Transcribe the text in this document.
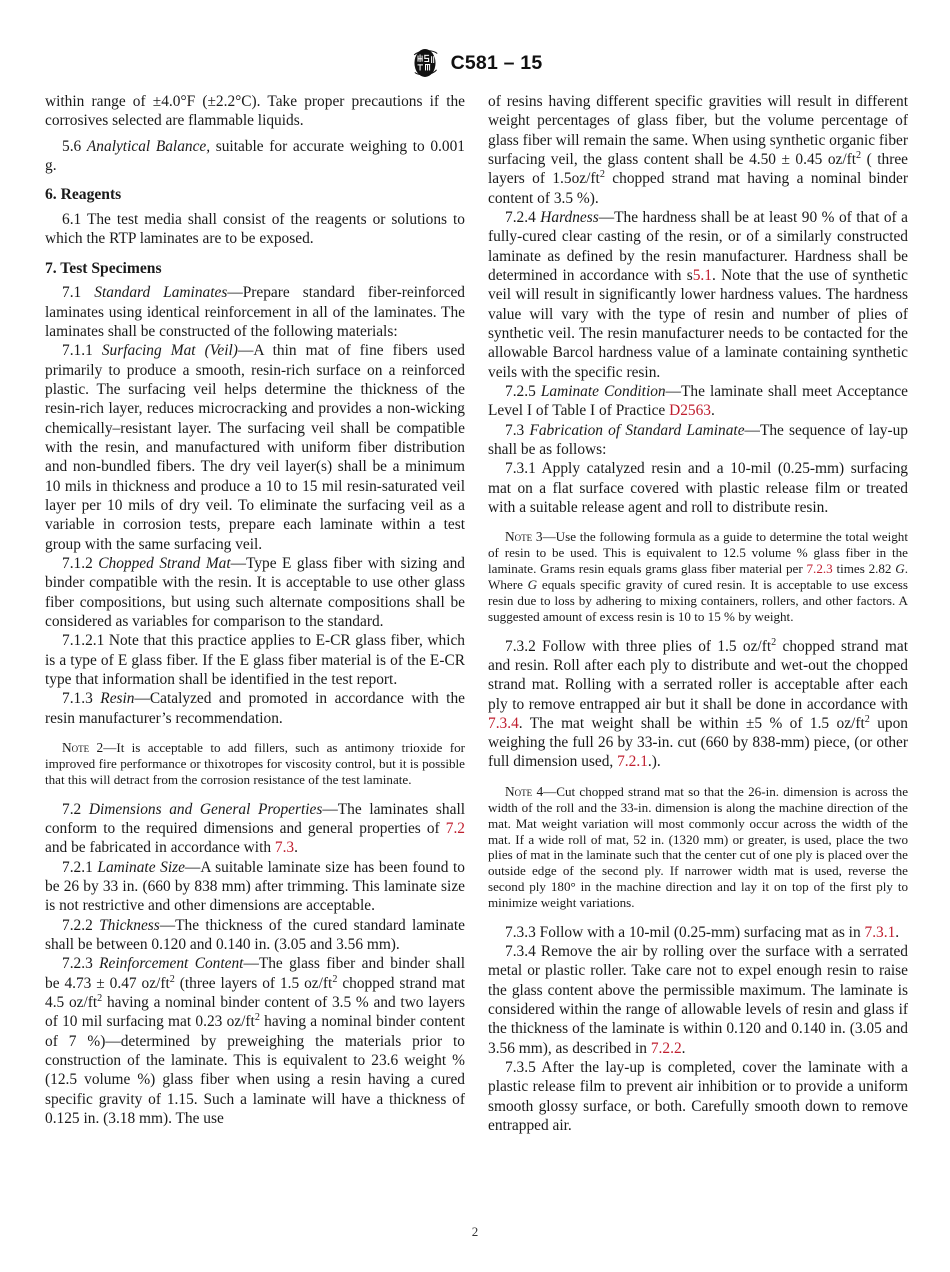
C581 – 15

within range of ±4.0°F (±2.2°C). Take proper precautions if the corrosives selected are flammable liquids.

5.6 Analytical Balance, suitable for accurate weighing to 0.001 g.

6. Reagents

6.1 The test media shall consist of the reagents or solutions to which the RTP laminates are to be exposed.

7. Test Specimens

7.1 Standard Laminates—Prepare standard fiber-reinforced laminates using identical reinforcement in all of the laminates. The laminates shall be constructed of the following materials:

7.1.1 Surfacing Mat (Veil)—A thin mat of fine fibers used primarily to produce a smooth, resin-rich surface on a reinforced plastic. The surfacing veil helps determine the thickness of the resin-rich layer, reduces microcracking and provides a non-wicking chemically–resistant layer. The surfacing veil shall be compatible with the resin, and manufactured with uniform fiber distribution and non-bundled fibers. The dry veil layer(s) shall be a minimum 10 mils in thickness and produce a 10 to 15 mil resin-saturated veil layer per 10 mils of dry veil. To eliminate the surfacing veil as a variable in corrosion tests, prepare each laminate within a test group with the same surfacing veil.

7.1.2 Chopped Strand Mat—Type E glass fiber with sizing and binder compatible with the resin. It is acceptable to use other glass fiber compositions, but using such alternate compositions shall be considered as variables for comparison to the standard.

7.1.2.1 Note that this practice applies to E-CR glass fiber, which is a type of E glass fiber. If the E glass fiber material is of the E-CR type that information shall be identified in the test report.

7.1.3 Resin—Catalyzed and promoted in accordance with the resin manufacturer’s recommendation.

Note 2—It is acceptable to add fillers, such as antimony trioxide for improved fire performance or thixotropes for viscosity control, but it is possible that this will detract from the corrosion resistance of the test laminate.

7.2 Dimensions and General Properties—The laminates shall conform to the required dimensions and general properties of 7.2 and be fabricated in accordance with 7.3.

7.2.1 Laminate Size—A suitable laminate size has been found to be 26 by 33 in. (660 by 838 mm) after trimming. This laminate size is not restrictive and other dimensions are acceptable.

7.2.2 Thickness—The thickness of the cured standard laminate shall be between 0.120 and 0.140 in. (3.05 and 3.56 mm).

7.2.3 Reinforcement Content—The glass fiber and binder shall be 4.73 ± 0.47 $oz/ft^2$ (three layers of 1.5 $oz/ft^2$ chopped strand mat 4.5 $oz/ft^2$ having a nominal binder content of 3.5 % and two layers of 10 mil surfacing mat 0.23 $oz/ft^2$ having a nominal binder content of 7 %)—determined by preweighing the materials prior to construction of the laminate. This is equivalent to 23.6 weight % (12.5 volume %) glass fiber when using a resin having a cured specific gravity of 1.15. Such a laminate will have a thickness of 0.125 in. (3.18 mm). The use

of resins having different specific gravities will result in different weight percentages of glass fiber, but the volume percentage of glass fiber will remain the same. When using synthetic organic fiber surfacing veil, the glass content shall be 4.50 ± 0.45 $oz/ft^2$ ( three layers of $1.5oz/ft^2$ chopped strand mat having a nominal binder content of 3.5 %).

7.2.4 Hardness—The hardness shall be at least 90 % of that of a fully-cured clear casting of the resin, or of a similarly constructed laminate as defined by the resin manufacturer. Hardness shall be determined in accordance with s5.1. Note that the use of synthetic veil will result in significantly lower hardness values. The hardness value will vary with the type of resin and number of plies of synthetic veil. The resin manufacturer needs to be contacted for the allowable Barcol hardness value of a laminate containing synthetic veils with the specific resin.

7.2.5 Laminate Condition—The laminate shall meet Acceptance Level I of Table I of Practice D2563.

7.3 Fabrication of Standard Laminate—The sequence of lay-up shall be as follows:

7.3.1 Apply catalyzed resin and a 10-mil (0.25-mm) surfacing mat on a flat surface covered with plastic release film or treated with a suitable release agent and roll to distribute resin.

Note 3—Use the following formula as a guide to determine the total weight of resin to be used. This is equivalent to 12.5 volume % glass fiber in the laminate. Grams resin equals grams glass fiber material per 7.2.3 times 2.82 G. Where G equals specific gravity of cured resin. It is acceptable to use excess resin due to loss by adhering to mixing containers, rollers, and other factors. A suggested amount of excess resin is 10 to 15 % by weight.

7.3.2 Follow with three plies of 1.5 $oz/ft^2$ chopped strand mat and resin. Roll after each ply to distribute and wet-out the chopped strand mat. Rolling with a serrated roller is acceptable after each ply to remove entrapped air but it shall be done in accordance with 7.3.4. The mat weight shall be within ±5 % of 1.5 $oz/ft^2$ upon weighing the full 26 by 33-in. cut (660 by 838-mm) piece, (or other full dimension used, 7.2.1.).

Note 4—Cut chopped strand mat so that the 26-in. dimension is across the width of the roll and the 33-in. dimension is along the machine direction of the mat. Mat weight variation will most commonly occur across the width of the mat. If a wide roll of mat, 52 in. (1320 mm) or greater, is used, place the two plies of mat in the laminate such that the center cut of one ply is placed over the outside edge of the second ply. If narrower width mat is used, reverse the second ply 180° in the machine direction and lay it on top of the first ply to minimize weight variations.

7.3.3 Follow with a 10-mil (0.25-mm) surfacing mat as in 7.3.1.

7.3.4 Remove the air by rolling over the surface with a serrated metal or plastic roller. Take care not to expel enough resin to raise the glass content above the permissible maximum. The laminate is considered within the range of allowable levels of resin and glass if the thickness of the laminate is within 0.120 and 0.140 in. (3.05 and 3.56 mm), as described in 7.2.2.

7.3.5 After the lay-up is completed, cover the laminate with a plastic release film to prevent air inhibition or to provide a uniform smooth glossy surface, or both. Carefully smooth down to remove entrapped air.

2
